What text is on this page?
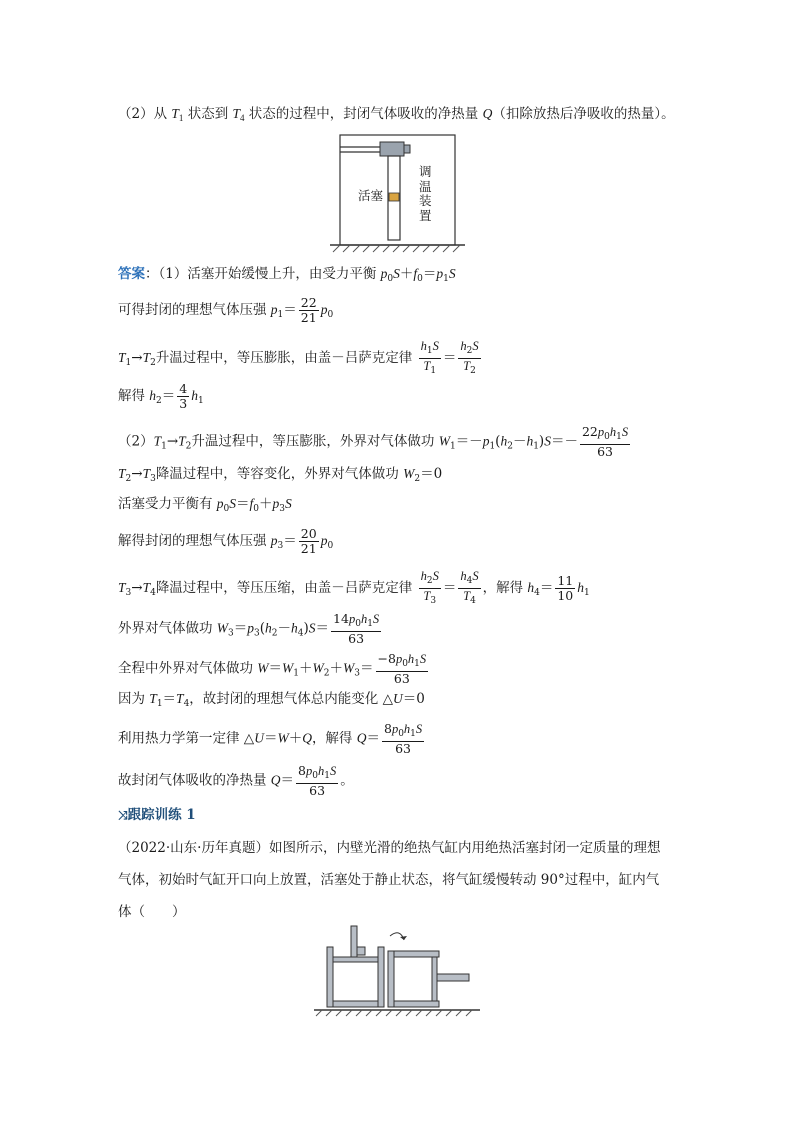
（2）从 $T_1$ 状态到 $T_4$ 状态的过程中，封闭气体吸收的净热量 Q（扣除放热后净吸收的热量）。
活塞
调
温
装
置
答案：（1）活塞开始缓慢上升，由受力平衡 $p_0S+f_0=p_1S$
可得封闭的理想气体压强 $p_1= \frac{22}{21} p_0$
$T_1\to T_2$升温过程中，等压膨胀，由盖－吕萨克定律 $\frac{h_1S}{T_1} = \frac{h_2S}{T_2}$
解得 $h_2= \frac{4}{3} h_1$
$(2)T_1\to T_2$升温过程中，等压膨胀，外界对气体做功 $W_1=-p_1(h_2-h_1)S=- \frac{22p_0h_1S}{63}$
$T_2\to T_3$降温过程中，等容变化，外界对气体做功 $W_2=0$
活塞受力平衡有 $p_0S=f_0+p_3S$
解得封闭的理想气体压强 $p_3= \frac{20}{21} p_0$
$T_3\to T_4$降温过程中，等压压缩，由盖－吕萨克定律 $\frac{h_2S}{T_3} = \frac{h_4S}{T_4}$ ，解得 $h_4= \frac{11}{10} h_1$
外界对气体做功 $W_3=p_3(h_2-h_4)S= \frac{14p_0h_1S}{63}$
全程中外界对气体做功 $W=W_1+W_2+W_3= \frac{-8p_0h_1S}{63}$
因为 $T_1=T_4$，故封闭的理想气体总内能变化 △U＝0
利用热力学第一定律 △U＝W＋Q，解得 $Q= \frac{8p_0h_1S}{63}$
故封闭气体吸收的净热量 $Q= \frac{8p_0h_1S}{63}$ 。
⤨跟踪训练 1
（2022·山东·历年真题）如图所示，内壁光滑的绝热气缸内用绝热活塞封闭一定质量的理想
气体，初始时气缸开口向上放置，活塞处于静止状态，将气缸缓慢转动 90°过程中，缸内气
体（　　）
